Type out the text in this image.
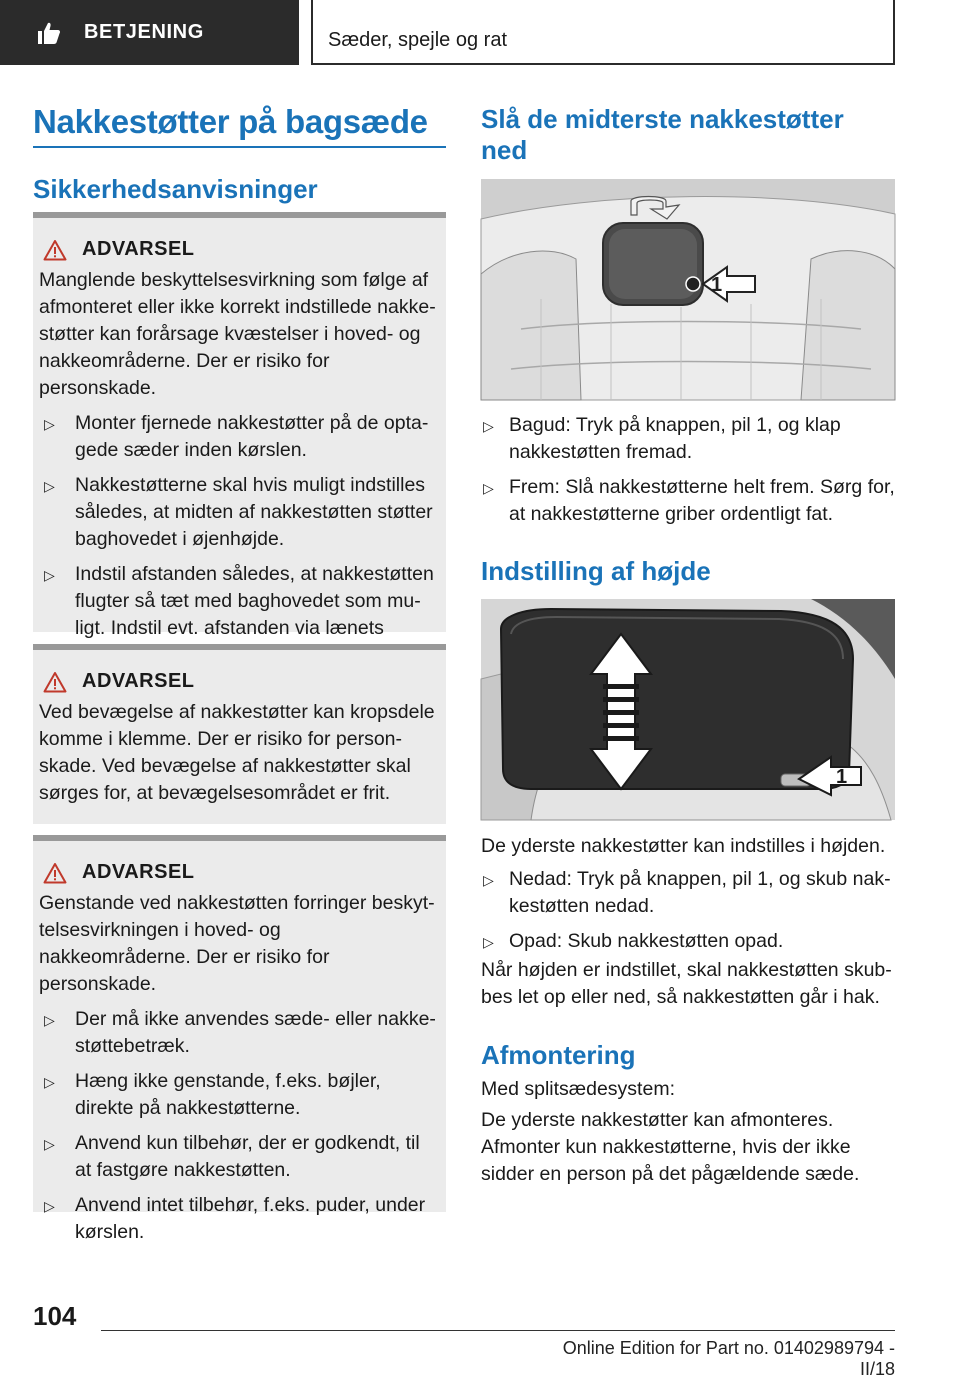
BETJENING	Sæder, spejle og rat
Nakkestøtter på bagsæde
Sikkerhedsanvisninger
ADVARSEL

Manglende beskyttelsesvirkning som følge af afmonteret eller ikke korrekt indstillede nakkestøtter kan forårsage kvæstelser i hoved- og nakkeområderne. Der er risiko for personskade.

▷ Monter fjernede nakkestøtter på de optagede sæder inden kørslen.
▷ Nakkestøtterne skal hvis muligt indstilles således, at midten af nakkestøtten støtter baghovedet i øjenhøjde.
▷ Indstil afstanden således, at nakkestøtten flugter så tæt med baghovedet som muligt. Indstil evt. afstanden via lænets
ADVARSEL

Ved bevægelse af nakkestøtter kan kropsdele komme i klemme. Der er risiko for personskade. Ved bevægelse af nakkestøtter skal sørges for, at bevægelsesområdet er frit.

ADVARSEL

Genstande ved nakkestøtten forringer beskyttelsesvirkningen i hoved- og nakkeområderne. Der er risiko for personskade.

▷ Der må ikke anvendes sæde- eller nakkestøttebetræk.
▷ Hæng ikke genstande, f.eks. bøjler, direkte på nakkestøtterne.
▷ Anvend kun tilbehør, der er godkendt, til at fastgøre nakkestøtten.
▷ Anvend intet tilbehør, f.eks. puder, under kørslen.
Slå de midterste nakkestøtter ned
1
▷ Bagud: Tryk på knappen, pil 1, og klap nakkestøtten fremad.
▷ Frem: Slå nakkestøtterne helt frem. Sørg for, at nakkestøtterne griber ordentligt fat.
Indstilling af højde
1
De yderste nakkestøtter kan indstilles i højden.
▷ Nedad: Tryk på knappen, pil 1, og skub nakkestøtten nedad.
▷ Opad: Skub nakkestøtten opad.
Når højden er indstillet, skal nakkestøtten skubbes let op eller ned, så nakkestøtten går i hak.
Afmontering
Med splitsædesystem:
De yderste nakkestøtter kan afmonteres. Afmonter kun nakkestøtterne, hvis der ikke sidder en person på det pågældende sæde.
104
Online Edition for Part no. 01402989794 - II/18
